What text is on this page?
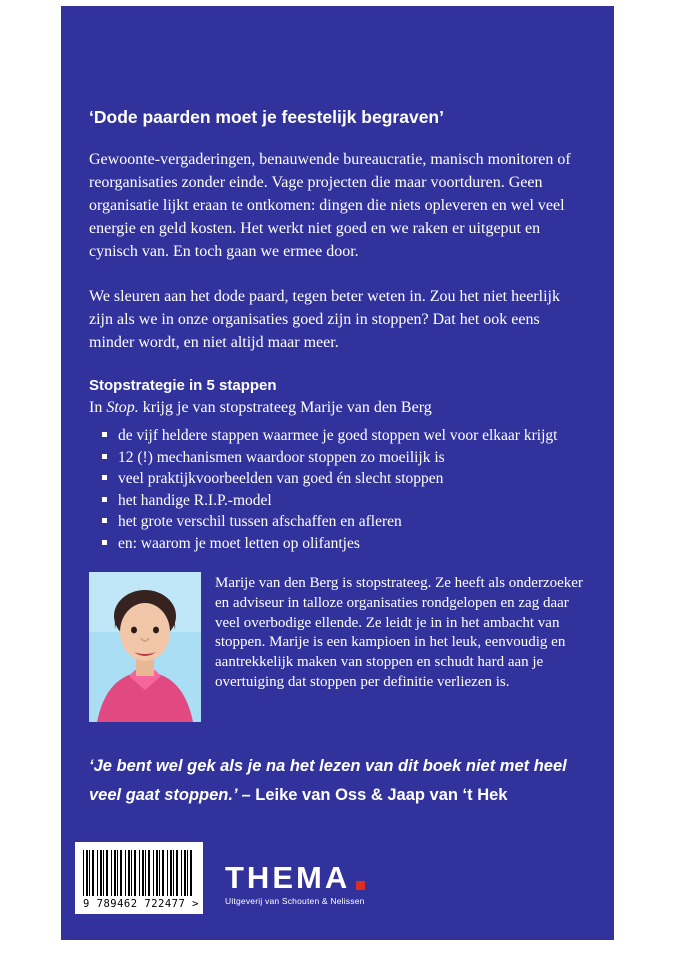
‘Dode paarden moet je feestelijk begraven’

Gewoonte-vergaderingen, benauwende bureaucratie, manisch monitoren of reorganisaties zonder einde. Vage projecten die maar voortduren. Geen organisatie lijkt eraan te ontkomen: dingen die niets opleveren en wel veel energie en geld kosten. Het werkt niet goed en we raken er uitgeput en cynisch van. En toch gaan we ermee door.

We sleuren aan het dode paard, tegen beter weten in. Zou het niet heerlijk zijn als we in onze organisaties goed zijn in stoppen? Dat het ook eens minder wordt, en niet altijd maar meer.

Stopstrategie in 5 stappen

In Stop. krijg je van stopstrateeg Marije van den Berg

de vijf heldere stappen waarmee je goed stoppen wel voor elkaar krijgt
12 (!) mechanismen waardoor stoppen zo moeilijk is
veel praktijkvoorbeelden van goed én slecht stoppen
het handige R.I.P.-model
het grote verschil tussen afschaffen en afleren
en: waarom je moet letten op olifantjes

Marije van den Berg is stopstrateeg. Ze heeft als onderzoeker en adviseur in talloze organisaties rondgelopen en zag daar veel overbodige ellende. Ze leidt je in in het ambacht van stoppen. Marije is een kampioen in het leuk, eenvoudig en aantrekkelijk maken van stoppen en schudt hard aan je overtuiging dat stoppen per definitie verliezen is.

‘Je bent wel gek als je na het lezen van dit boek niet met heel veel gaat stoppen.’ – Leike van Oss & Jaap van ‘t Hek

9 789462 722477 >
THEMA
Uitgeverij van Schouten & Nelissen
